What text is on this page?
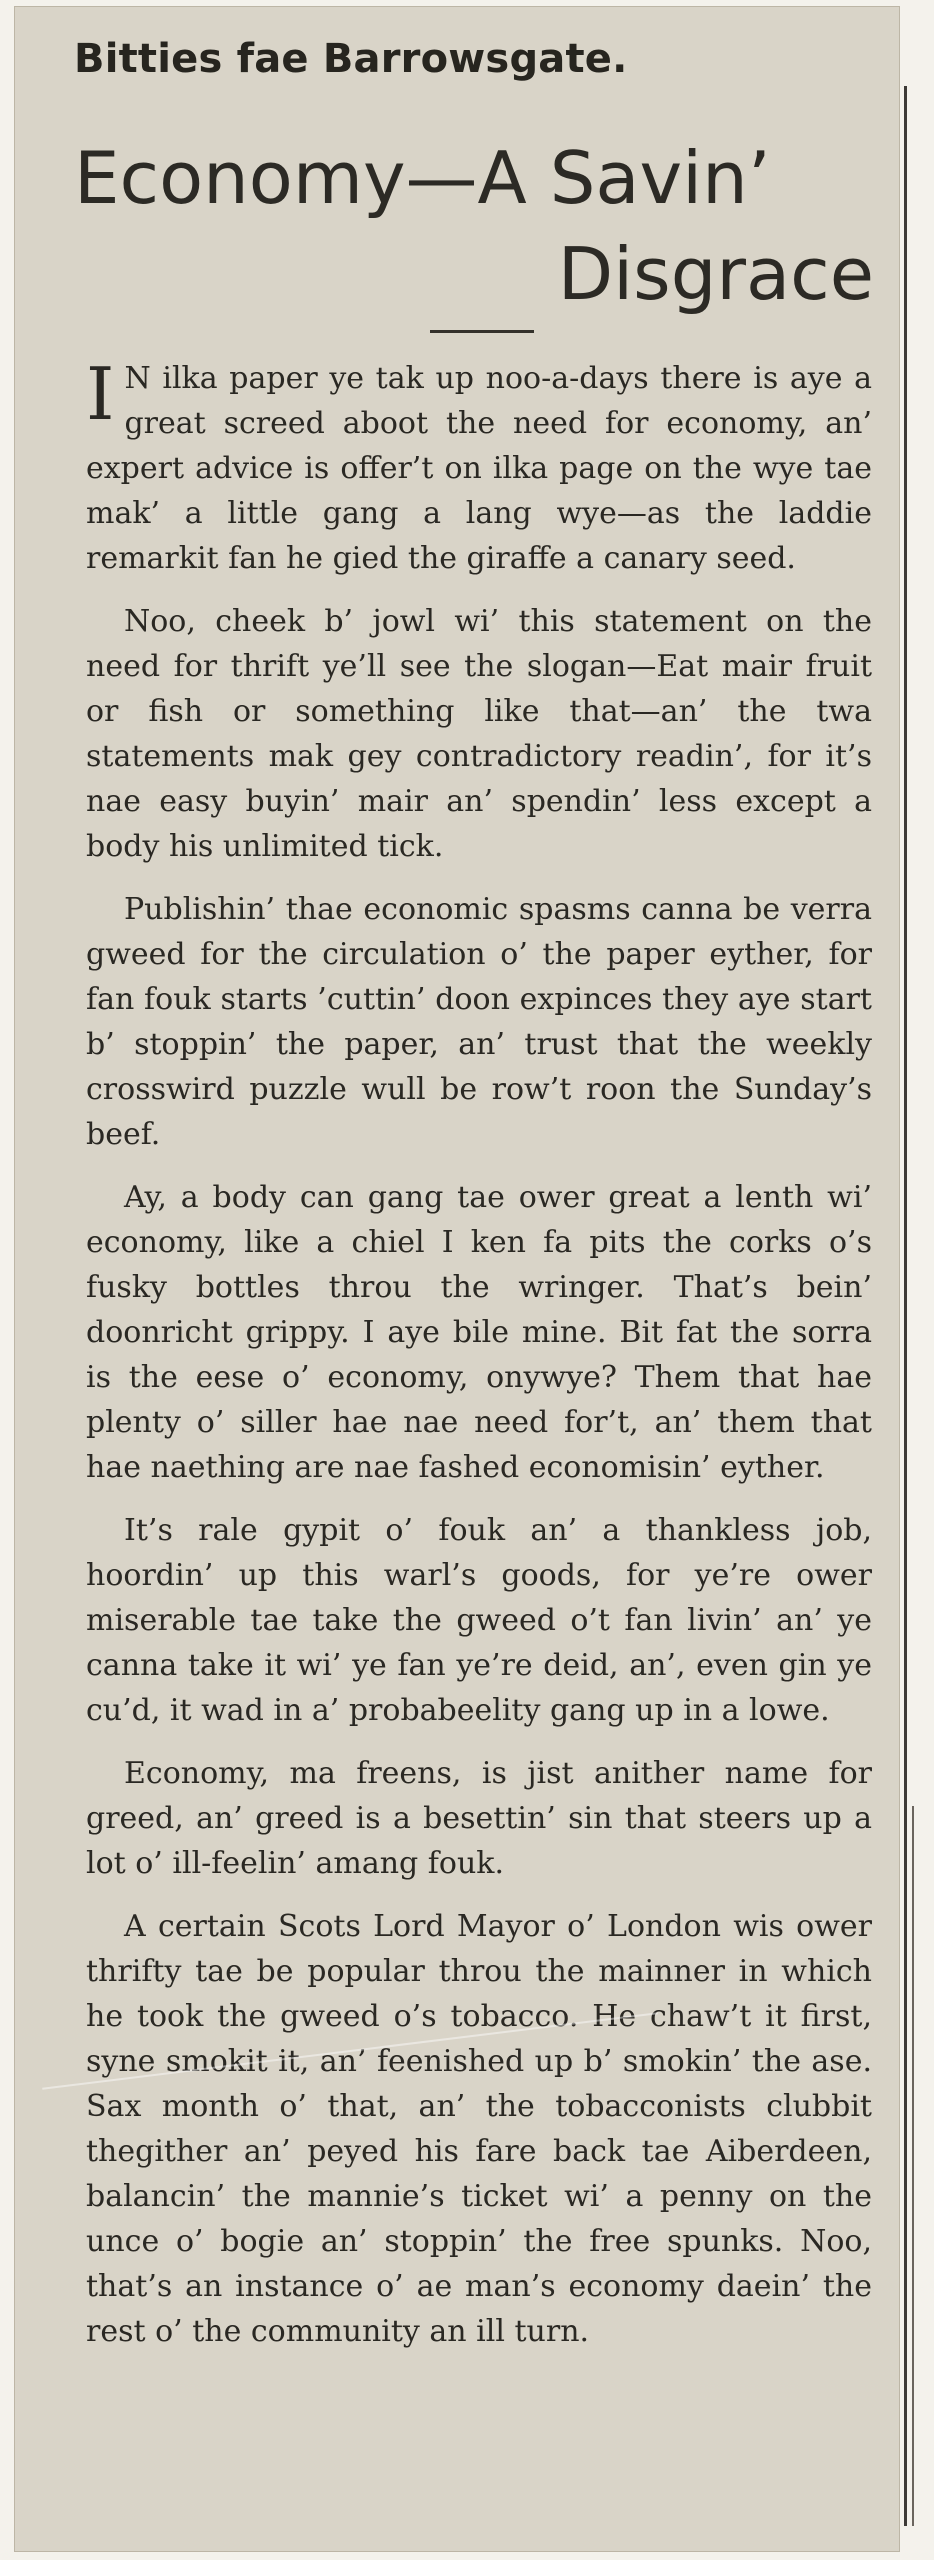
Bitties fae Barrowsgate.
Economy—A Savin’
Disgrace

I N ilka paper ye tak up noo-a-days there is aye a great screed aboot the need for economy, an’ expert advice is offer’t on ilka page on the wye tae mak’ a little gang a lang wye—as the laddie remarkit fan he gied the giraffe a canary seed.

Noo, cheek b’ jowl wi’ this statement on the need for thrift ye’ll see the slogan—Eat mair fruit or fish or something like that—an’ the twa statements mak gey contradictory readin’, for it’s nae easy buyin’ mair an’ spendin’ less except a body his unlimited tick.

Publishin’ thae economic spasms canna be verra gweed for the circulation o’ the paper eyther, for fan fouk starts ’cuttin’ doon expinces they aye start b’ stoppin’ the paper, an’ trust that the weekly crosswird puzzle wull be row’t roon the Sunday’s beef.

Ay, a body can gang tae ower great a lenth wi’ economy, like a chiel I ken fa pits the corks o’s fusky bottles throu the wringer. That’s bein’ doonricht grippy. I aye bile mine. Bit fat the sorra is the eese o’ economy, onywye? Them that hae plenty o’ siller hae nae need for’t, an’ them that hae naething are nae fashed economisin’ eyther.

It’s rale gypit o’ fouk an’ a thankless job, hoordin’ up this warl’s goods, for ye’re ower miserable tae take the gweed o’t fan livin’ an’ ye canna take it wi’ ye fan ye’re deid, an’, even gin ye cu’d, it wad in a’ probabeelity gang up in a lowe.

Economy, ma freens, is jist anither name for greed, an’ greed is a besettin’ sin that steers up a lot o’ ill-feelin’ amang fouk.

A certain Scots Lord Mayor o’ London wis ower thrifty tae be popular throu the mainner in which he took the gweed o’s tobacco. He chaw’t it first, syne smokit it, an’ feenished up b’ smokin’ the ase. Sax month o’ that, an’ the tobacconists clubbit thegither an’ peyed his fare back tae Aiberdeen, balancin’ the mannie’s ticket wi’ a penny on the unce o’ bogie an’ stoppin’ the free spunks. Noo, that’s an instance o’ ae man’s economy daein’ the rest o’ the community an ill turn.
